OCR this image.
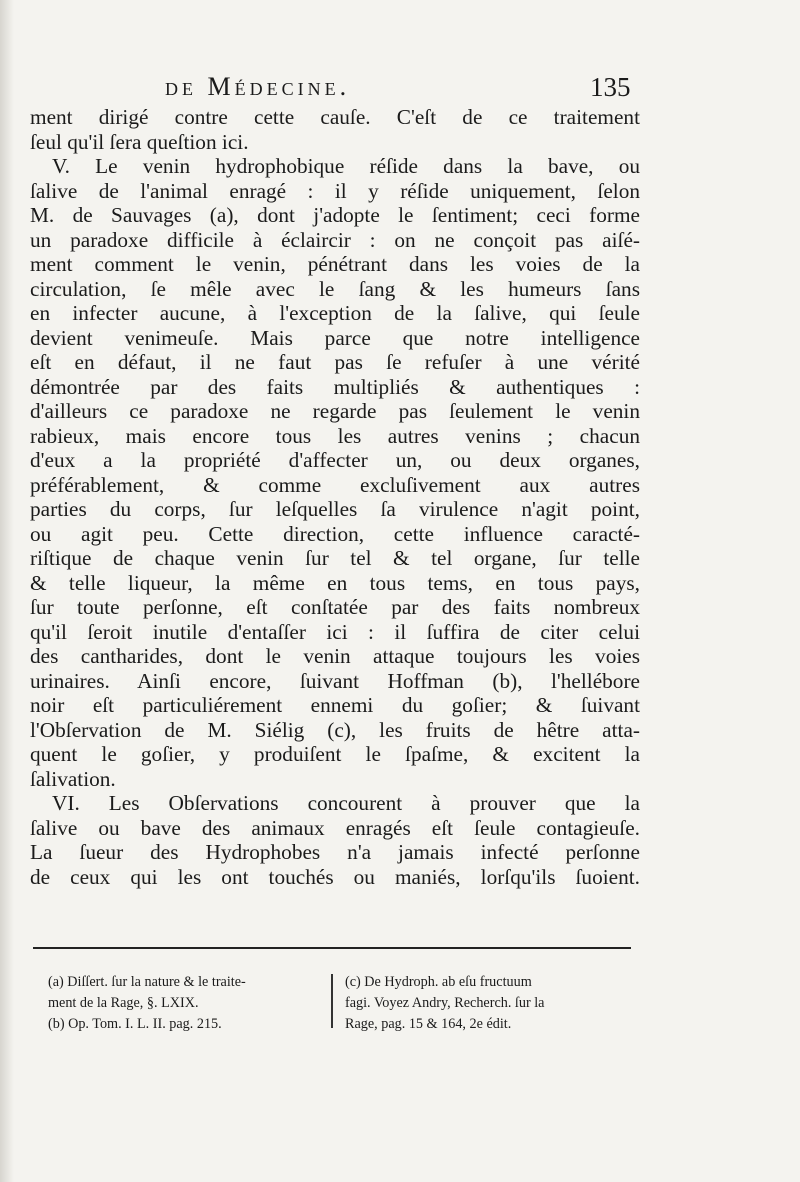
de Médecine.	135
ment dirigé contre cette cauſe. C'eſt de ce traitement
ſeul qu'il ſera queſtion ici.
V. Le venin hydrophobique réſide dans la bave, ou
ſalive de l'animal enragé : il y réſide uniquement, ſelon
M. de Sauvages (a), dont j'adopte le ſentiment; ceci forme
un paradoxe difficile à éclaircir : on ne conçoit pas aiſé-
ment comment le venin, pénétrant dans les voies de la
circulation, ſe mêle avec le ſang & les humeurs ſans
en infecter aucune, à l'exception de la ſalive, qui ſeule
devient venimeuſe. Mais parce que notre intelligence
eſt en défaut, il ne faut pas ſe refuſer à une vérité
démontrée par des faits multipliés & authentiques :
d'ailleurs ce paradoxe ne regarde pas ſeulement le venin
rabieux, mais encore tous les autres venins ; chacun
d'eux a la propriété d'affecter un, ou deux organes,
préférablement, & comme excluſivement aux autres
parties du corps, ſur leſquelles ſa virulence n'agit point,
ou agit peu. Cette direction, cette influence caracté-
riſtique de chaque venin ſur tel & tel organe, ſur telle
& telle liqueur, la même en tous tems, en tous pays,
ſur toute perſonne, eſt conſtatée par des faits nombreux
qu'il ſeroit inutile d'entaſſer ici : il ſuffira de citer celui
des cantharides, dont le venin attaque toujours les voies
urinaires. Ainſi encore, ſuivant Hoffman (b), l'hellébore
noir eſt particuliérement ennemi du goſier; & ſuivant
l'Obſervation de M. Siélig (c), les fruits de hêtre atta-
quent le goſier, y produiſent le ſpaſme, & excitent la
ſalivation.
VI. Les Obſervations concourent à prouver que la
ſalive ou bave des animaux enragés eſt ſeule contagieuſe.
La ſueur des Hydrophobes n'a jamais infecté perſonne
de ceux qui les ont touchés ou maniés, lorſqu'ils ſuoient.
(a) Diſſert. ſur la nature & le traite-
ment de la Rage, §. LXIX.
(b) Op. Tom. I. L. II. pag. 215.
(c) De Hydroph. ab eſu fructuum
fagi. Voyez Andry, Recherch. ſur la
Rage, pag. 15 & 164, 2e édit.
